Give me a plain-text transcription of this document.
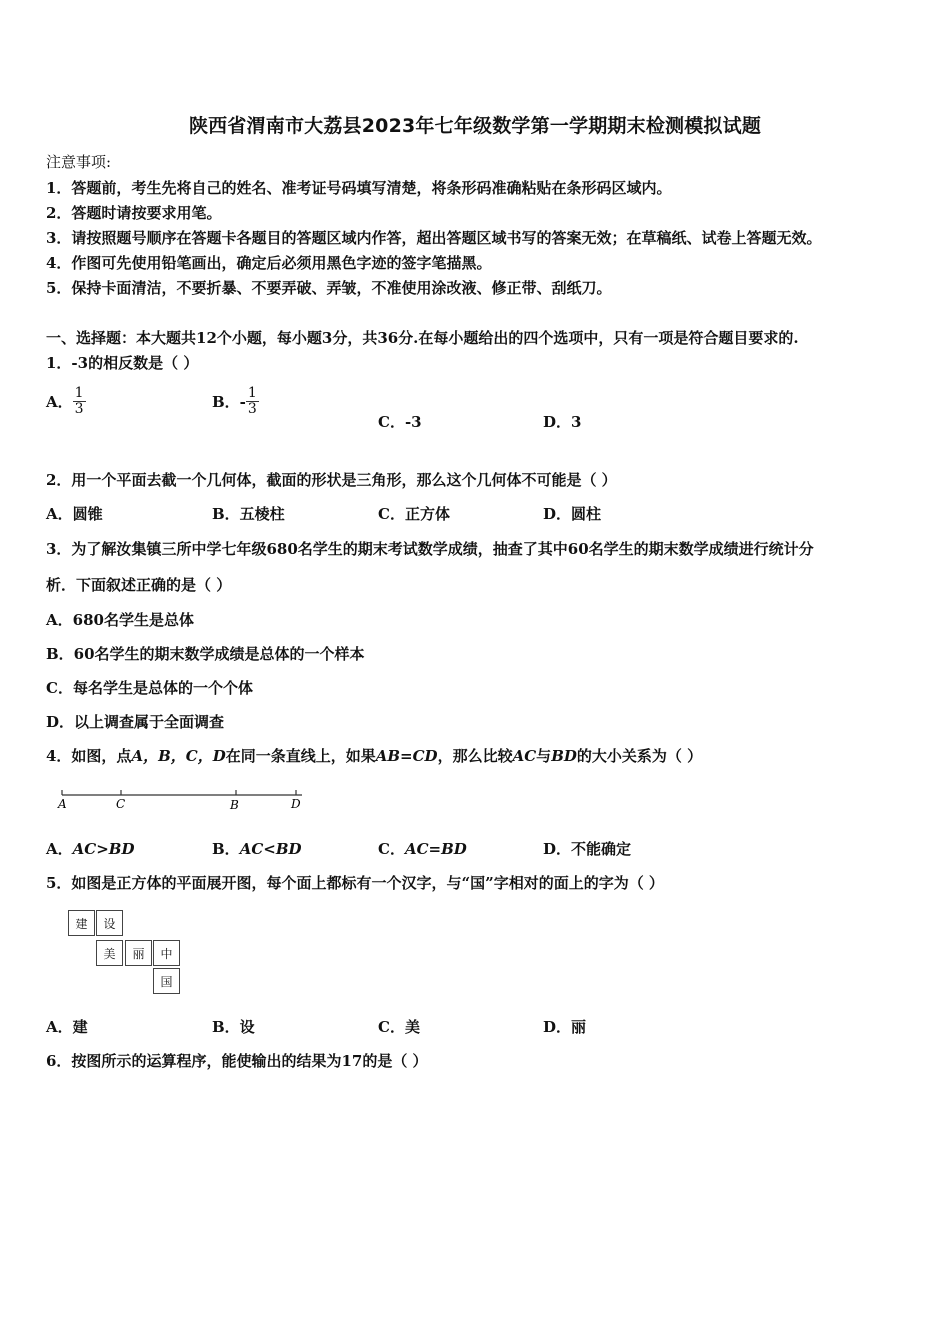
陕西省渭南市大荔县2023年七年级数学第一学期期末检测模拟试题
注意事项:
1．答题前，考生先将自己的姓名、准考证号码填写清楚，将条形码准确粘贴在条形码区域内。
2．答题时请按要求用笔。
3．请按照题号顺序在答题卡各题目的答题区域内作答，超出答题区域书写的答案无效；在草稿纸、试卷上答题无效。
4．作图可先使用铅笔画出，确定后必须用黑色字迹的签字笔描黑。
5．保持卡面清洁，不要折暴、不要弄破、弄皱，不准使用涂改液、修正带、刮纸刀。
一、选择题：本大题共12个小题，每小题3分，共36分.在每小题给出的四个选项中，只有一项是符合题目要求的.
1．-3的相反数是（ ）
A． $\frac{1}{3}$	B．- $\frac{1}{3}$
C．-3	D．3
2．用一个平面去截一个几何体，截面的形状是三角形，那么这个几何体不可能是（ ）
A．圆锥	B．五棱柱	C．正方体	D．圆柱
3．为了解汝集镇三所中学七年级680名学生的期末考试数学成绩，抽查了其中60名学生的期末数学成绩进行统计分
析．下面叙述正确的是（ ）
A．680名学生是总体
B．60名学生的期末数学成绩是总体的一个样本
C．每名学生是总体的一个个体
D．以上调查属于全面调查
4．如图，点A，B，C，D在同一条直线上，如果AB=CD，那么比较AC与BD的大小关系为（ ）
A	C	B	D
A．AC>BD	B．AC<BD	C．AC=BD	D．不能确定
5．如图是正方体的平面展开图，每个面上都标有一个汉字，与“国”字相对的面上的字为（ ）
建	设
美	丽	中
国
A．建	B．设	C．美	D．丽
6．按图所示的运算程序，能使输出的结果为17的是（ ）
